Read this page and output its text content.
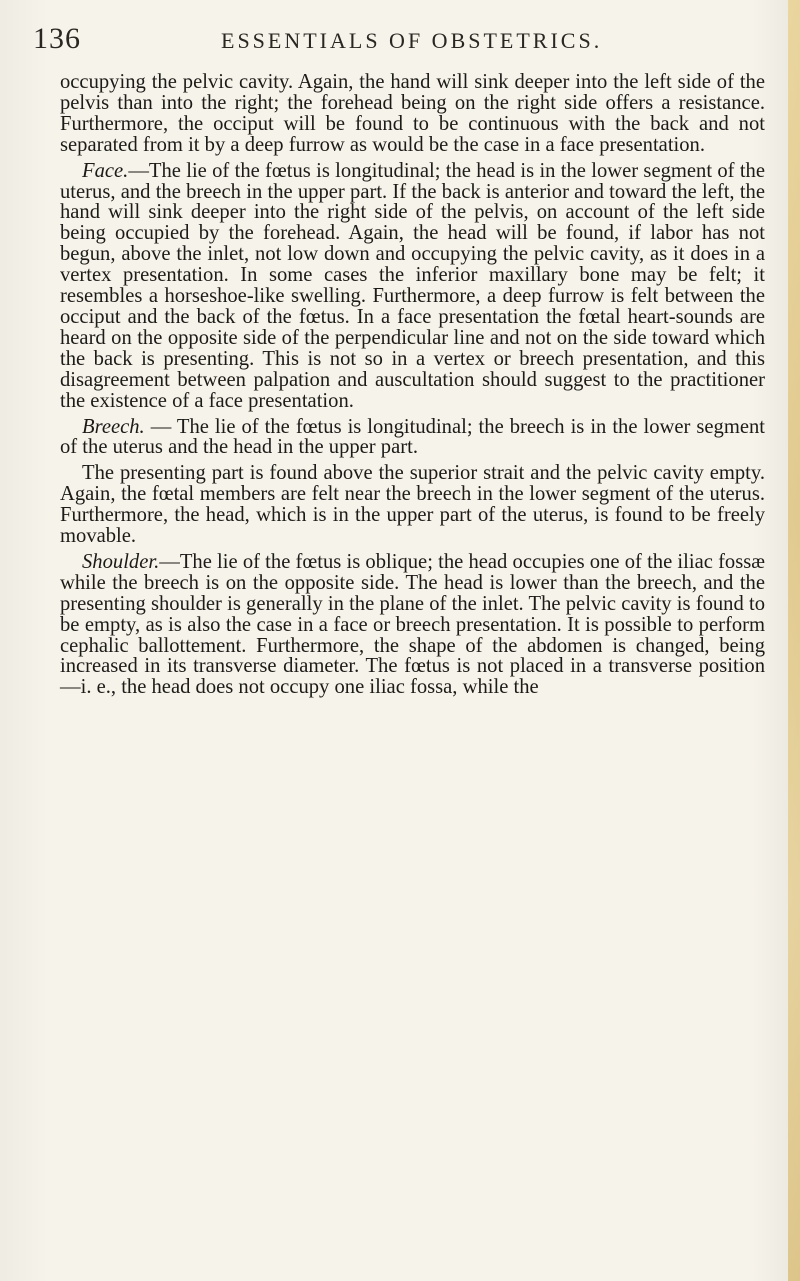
136	ESSENTIALS OF OBSTETRICS.

occupying the pelvic cavity. Again, the hand will sink deeper into the left side of the pelvis than into the right; the forehead being on the right side offers a resistance. Furthermore, the occiput will be found to be continuous with the back and not separated from it by a deep furrow as would be the case in a face presentation.

Face.—The lie of the fœtus is longitudinal; the head is in the lower segment of the uterus, and the breech in the upper part. If the back is anterior and toward the left, the hand will sink deeper into the right side of the pelvis, on account of the left side being occupied by the forehead. Again, the head will be found, if labor has not begun, above the inlet, not low down and occupying the pelvic cavity, as it does in a vertex presentation. In some cases the inferior maxillary bone may be felt; it resembles a horseshoe-like swelling. Furthermore, a deep furrow is felt between the occiput and the back of the fœtus. In a face presentation the fœtal heart-sounds are heard on the opposite side of the perpendicular line and not on the side toward which the back is presenting. This is not so in a vertex or breech presentation, and this disagreement between palpation and auscultation should suggest to the practitioner the existence of a face presentation.

Breech. — The lie of the fœtus is longitudinal; the breech is in the lower segment of the uterus and the head in the upper part.

The presenting part is found above the superior strait and the pelvic cavity empty. Again, the fœtal members are felt near the breech in the lower segment of the uterus. Furthermore, the head, which is in the upper part of the uterus, is found to be freely movable.

Shoulder.—The lie of the fœtus is oblique; the head occupies one of the iliac fossæ while the breech is on the opposite side. The head is lower than the breech, and the presenting shoulder is generally in the plane of the inlet. The pelvic cavity is found to be empty, as is also the case in a face or breech presentation. It is possible to perform cephalic ballottement. Furthermore, the shape of the abdomen is changed, being increased in its transverse diameter. The fœtus is not placed in a transverse position—i. e., the head does not occupy one iliac fossa, while the
